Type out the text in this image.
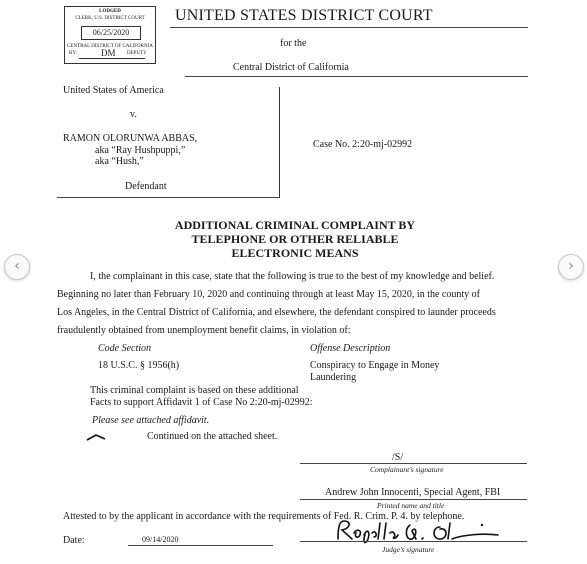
LODGED
CLERK, U.S. DISTRICT COURT
06/25/2020
CENTRAL DISTRICT OF CALIFORNIA
BY:	DM DEPUTY
UNITED STATES DISTRICT COURT
for the
Central District of California
United States of America
v.
RAMON OLORUNWA ABBAS,
aka “Ray Hushpuppi,”
aka “Hush,”
Defendant
Case No. 2:20-mj-02992
ADDITIONAL CRIMINAL COMPLAINT BY
TELEPHONE OR OTHER RELIABLE
ELECTRONIC MEANS
I, the complainant in this case, state that the following is true to the best of my knowledge and belief.
Beginning no later than February 10, 2020 and continuing through at least May 15, 2020, in the county of
Los Angeles, in the Central District of California, and elsewhere, the defendant conspired to launder proceeds
fraudulently obtained from unemployment benefit claims, in violation of:
Code Section	Offense Description
18 U.S.C. § 1956(h)	Conspiracy to Engage in Money
Laundering
This criminal complaint is based on these additional
Facts to support Affidavit 1 of Case No 2:20-mj-02992:
Please see attached affidavit.
Continued on the attached sheet.
/S/
Complainant’s signature
Andrew John Innocenti, Special Agent, FBI
Printed name and title
Attested to by the applicant in accordance with the requirements of Fed. R. Crim. P. 4. by telephone.
Date:	09/14/2020
Judge’s signature
‹	›
